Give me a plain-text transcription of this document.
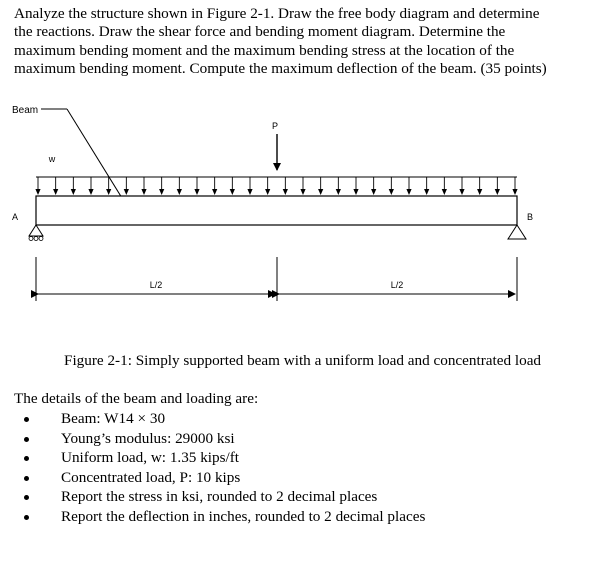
Analyze the structure shown in Figure 2-1. Draw the free body diagram and determine
the reactions. Draw the shear force and bending moment diagram. Determine the
maximum bending moment and the maximum bending stress at the location of the
maximum bending moment. Compute the maximum deflection of the beam. (35 points)
Beam
P
w
A	B
L/2	L/2
Figure 2-1: Simply supported beam with a uniform load and concentrated load
The details of the beam and loading are:
Beam: W14 × 30
Young’s modulus: 29000 ksi
Uniform load, w: 1.35 kips/ft
Concentrated load, P: 10 kips
Report the stress in ksi, rounded to 2 decimal places
Report the deflection in inches, rounded to 2 decimal places
